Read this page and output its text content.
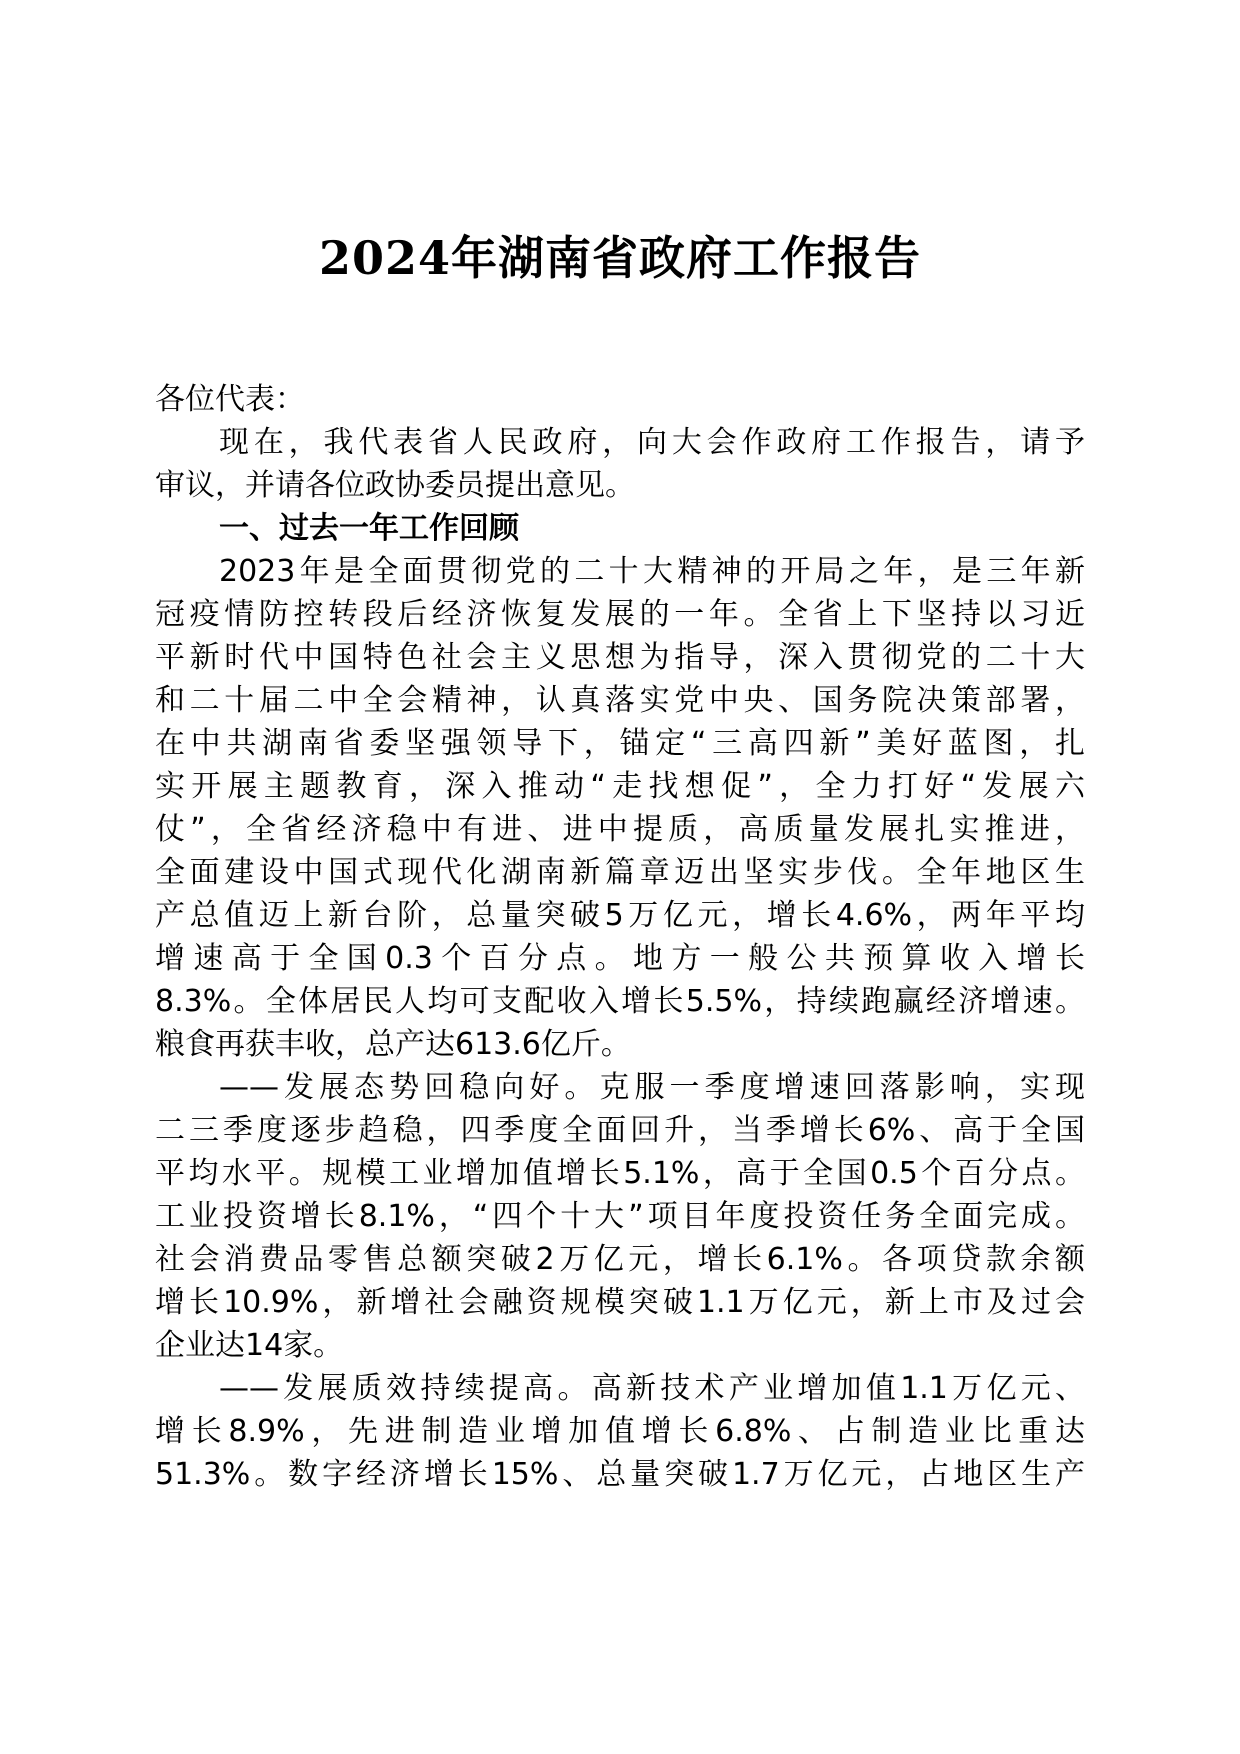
2024年湖南省政府工作报告
各位代表：
现在，我代表省人民政府，向大会作政府工作报告，请予
审议，并请各位政协委员提出意见。
一、过去一年工作回顾
2023年是全面贯彻党的二十大精神的开局之年，是三年新
冠疫情防控转段后经济恢复发展的一年。全省上下坚持以习近
平新时代中国特色社会主义思想为指导，深入贯彻党的二十大
和二十届二中全会精神，认真落实党中央、国务院决策部署，
在中共湖南省委坚强领导下，锚定“三高四新”美好蓝图，扎
实开展主题教育，深入推动“走找想促”，全力打好“发展六
仗”，全省经济稳中有进、进中提质，高质量发展扎实推进，
全面建设中国式现代化湖南新篇章迈出坚实步伐。全年地区生
产总值迈上新台阶，总量突破5万亿元，增长4.6%，两年平均
增速高于全国0.3个百分点。地方一般公共预算收入增长
8.3%。全体居民人均可支配收入增长5.5%，持续跑赢经济增速。
粮食再获丰收，总产达613.6亿斤。
——发展态势回稳向好。克服一季度增速回落影响，实现
二三季度逐步趋稳，四季度全面回升，当季增长6%、高于全国
平均水平。规模工业增加值增长5.1%，高于全国0.5个百分点。
工业投资增长8.1%，“四个十大”项目年度投资任务全面完成。
社会消费品零售总额突破2万亿元，增长6.1%。各项贷款余额
增长10.9%，新增社会融资规模突破1.1万亿元，新上市及过会
企业达14家。
——发展质效持续提高。高新技术产业增加值1.1万亿元、
增长8.9%，先进制造业增加值增长6.8%、占制造业比重达
51.3%。数字经济增长15%、总量突破1.7万亿元，占地区生产
